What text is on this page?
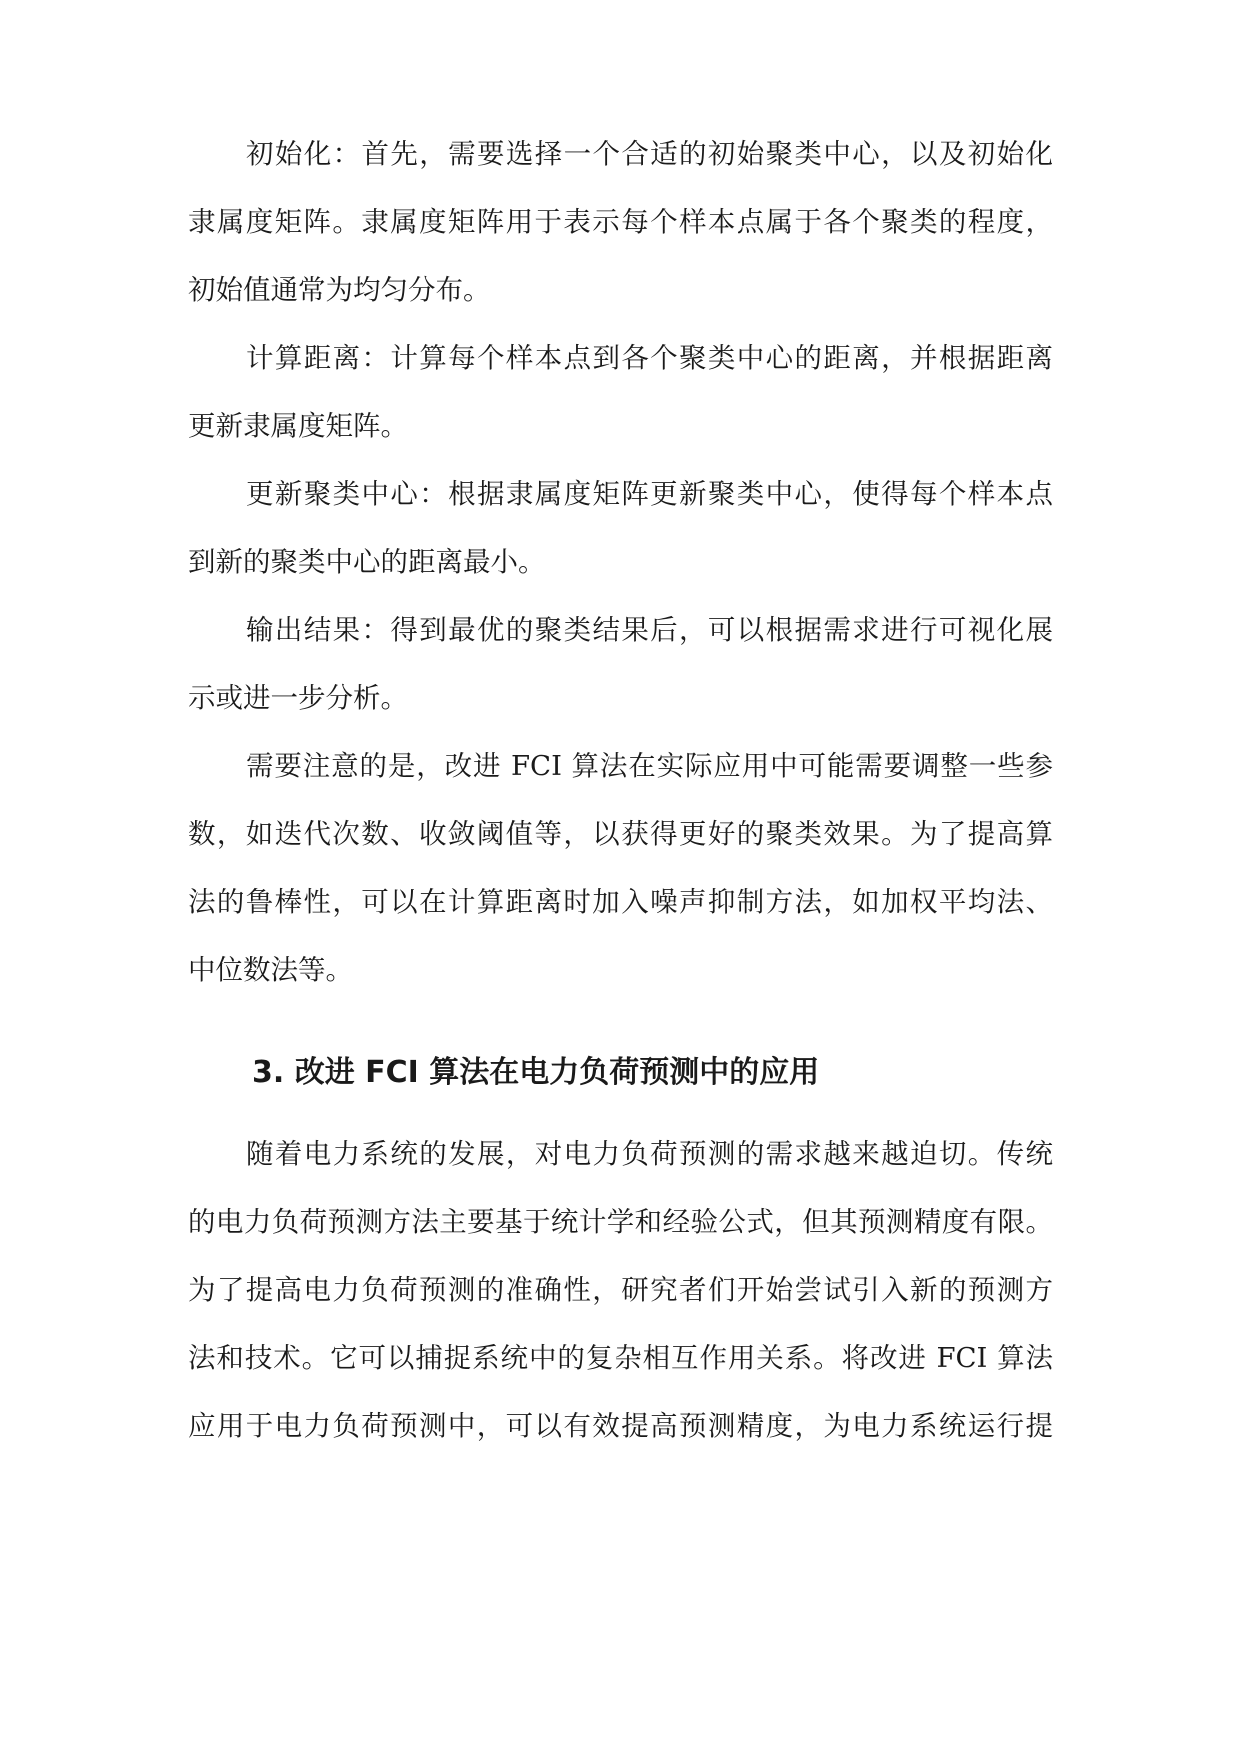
初始化：首先，需要选择一个合适的初始聚类中心，以及初始化
隶属度矩阵。隶属度矩阵用于表示每个样本点属于各个聚类的程度，
初始值通常为均匀分布。
计算距离：计算每个样本点到各个聚类中心的距离，并根据距离
更新隶属度矩阵。
更新聚类中心：根据隶属度矩阵更新聚类中心，使得每个样本点
到新的聚类中心的距离最小。
输出结果：得到最优的聚类结果后，可以根据需求进行可视化展
示或进一步分析。
需要注意的是，改进 FCI 算法在实际应用中可能需要调整一些参
数，如迭代次数、收敛阈值等，以获得更好的聚类效果。为了提高算
法的鲁棒性，可以在计算距离时加入噪声抑制方法，如加权平均法、
中位数法等。
3. 改进 FCI 算法在电力负荷预测中的应用
随着电力系统的发展，对电力负荷预测的需求越来越迫切。传统
的电力负荷预测方法主要基于统计学和经验公式，但其预测精度有限。
为了提高电力负荷预测的准确性，研究者们开始尝试引入新的预测方
法和技术。它可以捕捉系统中的复杂相互作用关系。将改进 FCI 算法
应用于电力负荷预测中，可以有效提高预测精度，为电力系统运行提
